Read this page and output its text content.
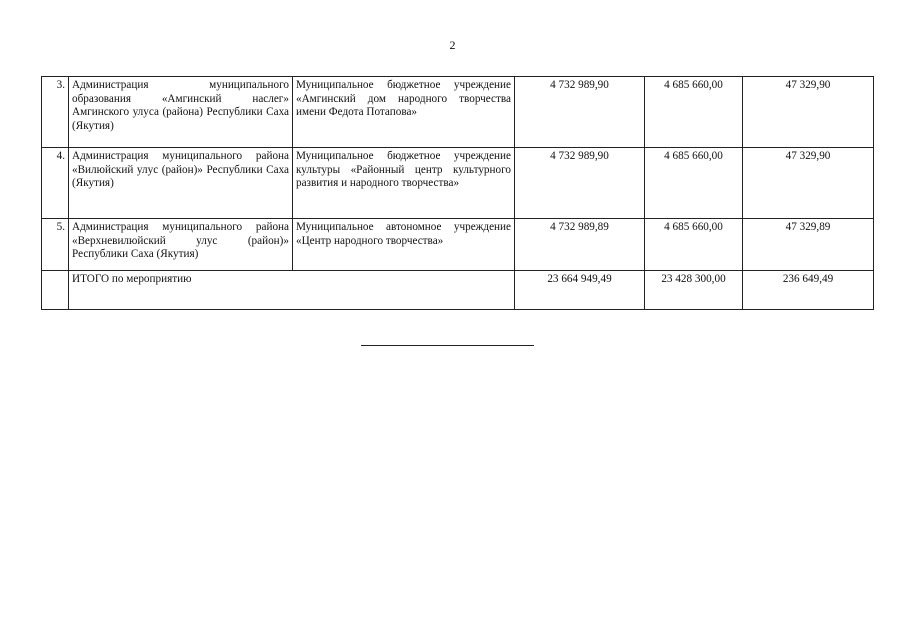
2
3.	Администрация муниципального образования «Амгинский наслег» Амгинского улуса (района) Республики Саха (Якутия)	Муниципальное бюджетное учреждение «Амгинский дом народного творчества имени Федота Потапова»	4 732 989,90	4 685 660,00	47 329,90
4.	Администрация муниципального района «Вилюйский улус (район)» Республики Саха (Якутия)	Муниципальное бюджетное учреждение культуры «Районный центр культурного развития и народного творчества»	4 732 989,90	4 685 660,00	47 329,90
5.	Администрация муниципального района «Верхневилюйский улус (район)» Республики Саха (Якутия)	Муниципальное автономное учреждение «Центр народного творчества»	4 732 989,89	4 685 660,00	47 329,89
	ИТОГО по мероприятию		23 664 949,49	23 428 300,00	236 649,49
